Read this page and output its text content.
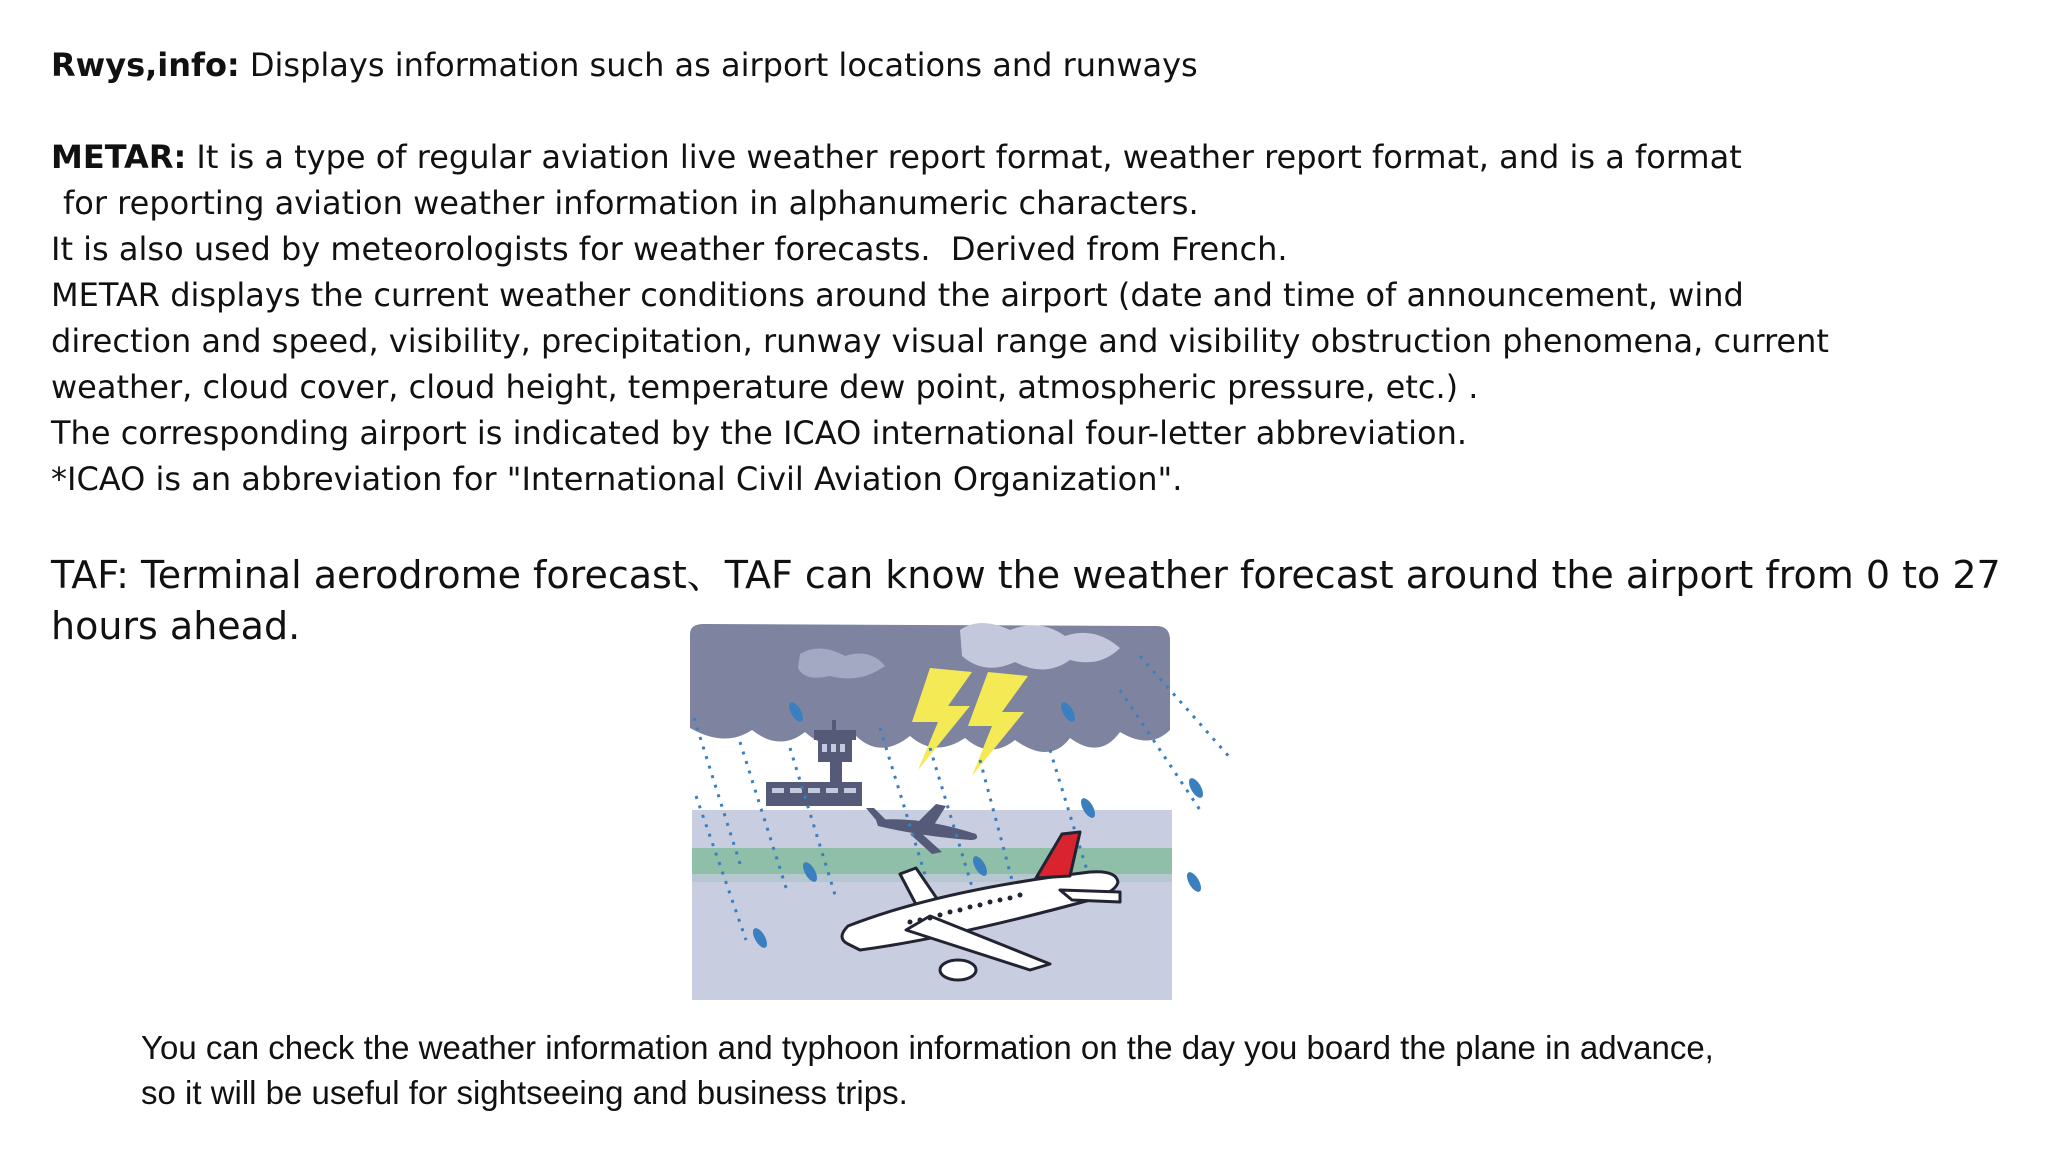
Rwys,info: Displays information such as airport locations and runways

METAR: It is a type of regular aviation live weather report format, weather report format, and is a format
for reporting aviation weather information in alphanumeric characters.
It is also used by meteorologists for weather forecasts.  Derived from French.
METAR displays the current weather conditions around the airport (date and time of announcement, wind
direction and speed, visibility, precipitation, runway visual range and visibility obstruction phenomena, current
weather, cloud cover, cloud height, temperature dew point, atmospheric pressure, etc.) .
The corresponding airport is indicated by the ICAO international four-letter abbreviation.
*ICAO is an abbreviation for "International Civil Aviation Organization".
TAF: Terminal aerodrome forecast、TAF can know the weather forecast around the airport from 0 to 27
hours ahead.
You can check the weather information and typhoon information on the day you board the plane in advance,
so it will be useful for sightseeing and business trips.
